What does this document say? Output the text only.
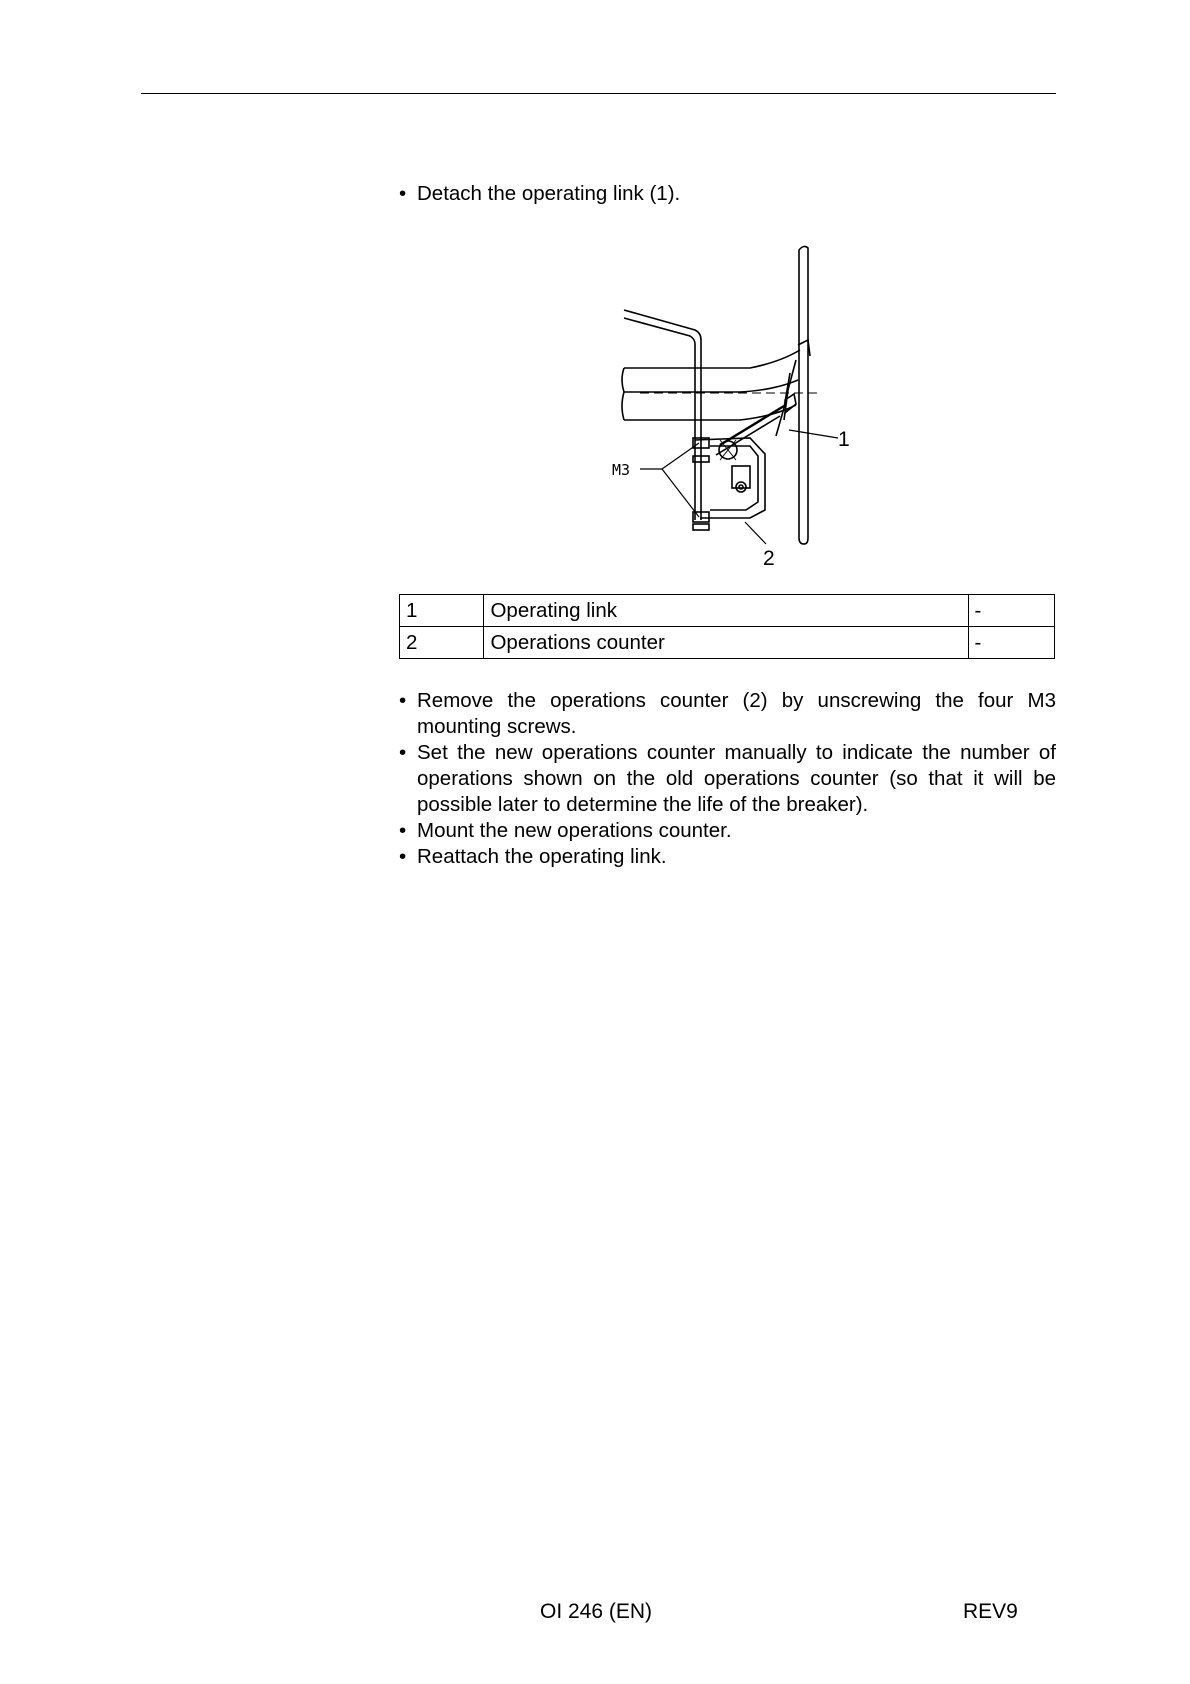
• Detach the operating link (1).
M3
1
2
1	Operating link	-
2	Operations counter	-
• Remove the operations counter (2) by unscrewing the four M3 mounting screws.
• Set the new operations counter manually to indicate the number of operations shown on the old operations counter (so that it will be possible later to determine the life of the breaker).
• Mount the new operations counter.
• Reattach the operating link.
OI 246 (EN)	REV9
